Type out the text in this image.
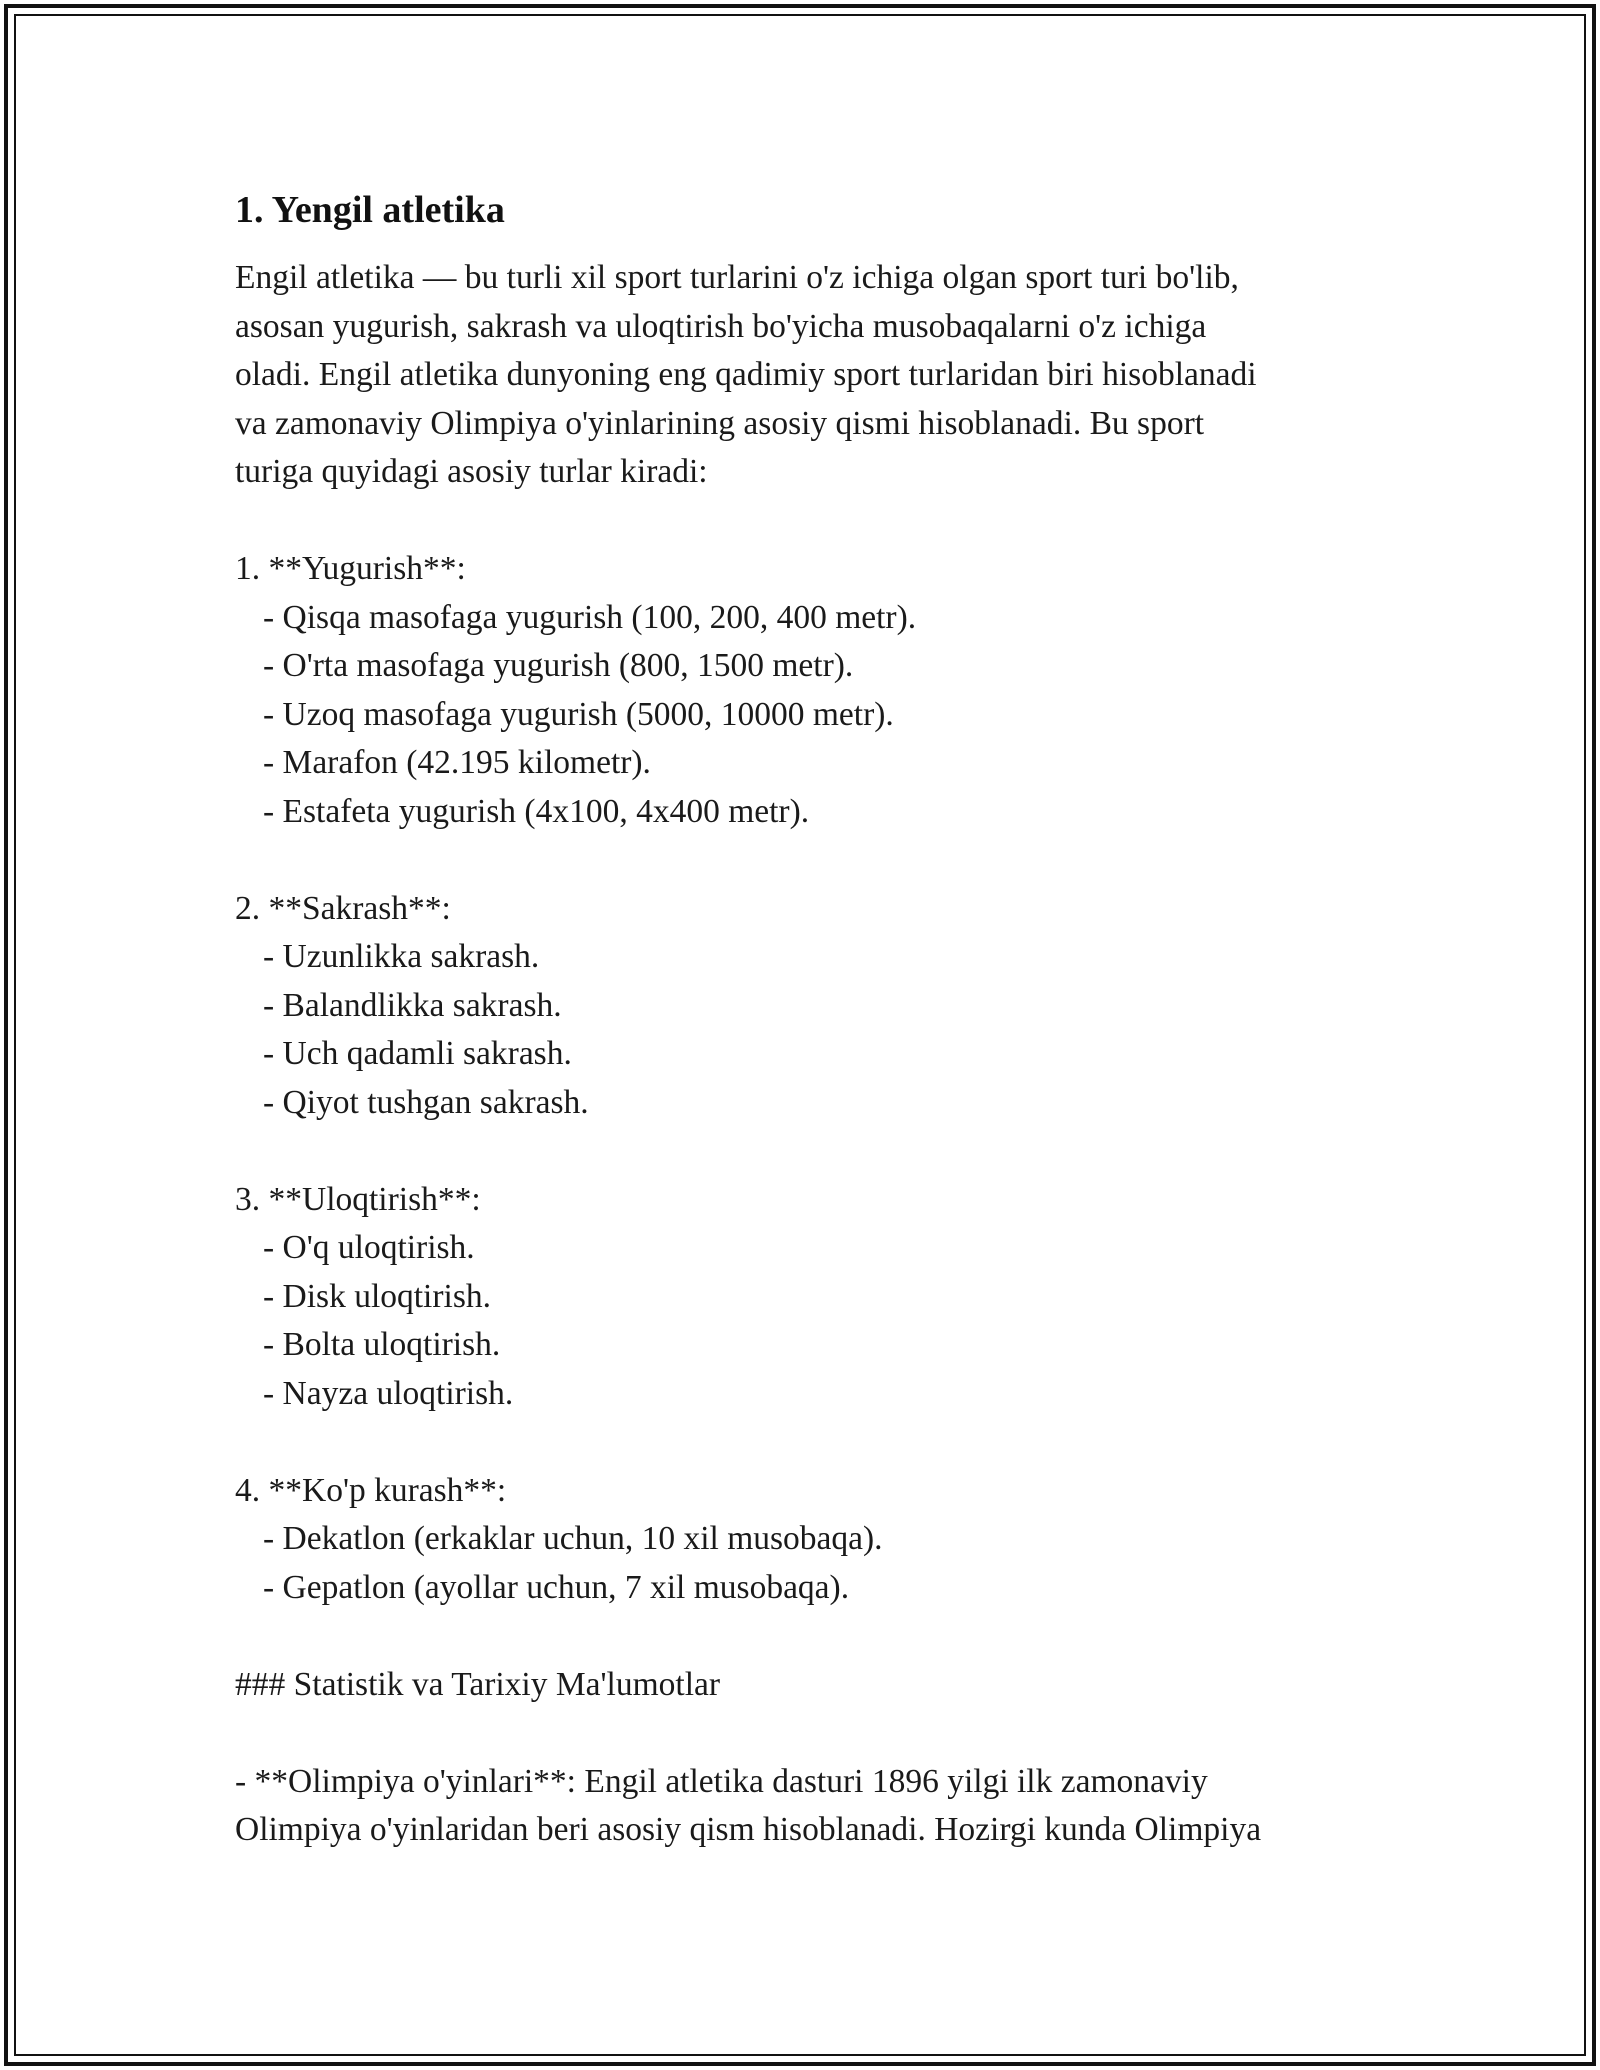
1. Yengil atletika
Engil atletika — bu turli xil sport turlarini o'z ichiga olgan sport turi bo'lib,
asosan yugurish, sakrash va uloqtirish bo'yicha musobaqalarni o'z ichiga
oladi. Engil atletika dunyoning eng qadimiy sport turlaridan biri hisoblanadi
va zamonaviy Olimpiya o'yinlarining asosiy qismi hisoblanadi. Bu sport
turiga quyidagi asosiy turlar kiradi:
1. **Yugurish**:
- Qisqa masofaga yugurish (100, 200, 400 metr).
- O'rta masofaga yugurish (800, 1500 metr).
- Uzoq masofaga yugurish (5000, 10000 metr).
- Marafon (42.195 kilometr).
- Estafeta yugurish (4x100, 4x400 metr).
2. **Sakrash**:
- Uzunlikka sakrash.
- Balandlikka sakrash.
- Uch qadamli sakrash.
- Qiyot tushgan sakrash.
3. **Uloqtirish**:
- O'q uloqtirish.
- Disk uloqtirish.
- Bolta uloqtirish.
- Nayza uloqtirish.
4. **Ko'p kurash**:
- Dekatlon (erkaklar uchun, 10 xil musobaqa).
- Gepatlon (ayollar uchun, 7 xil musobaqa).
### Statistik va Tarixiy Ma'lumotlar
- **Olimpiya o'yinlari**: Engil atletika dasturi 1896 yilgi ilk zamonaviy
Olimpiya o'yinlaridan beri asosiy qism hisoblanadi. Hozirgi kunda Olimpiya
